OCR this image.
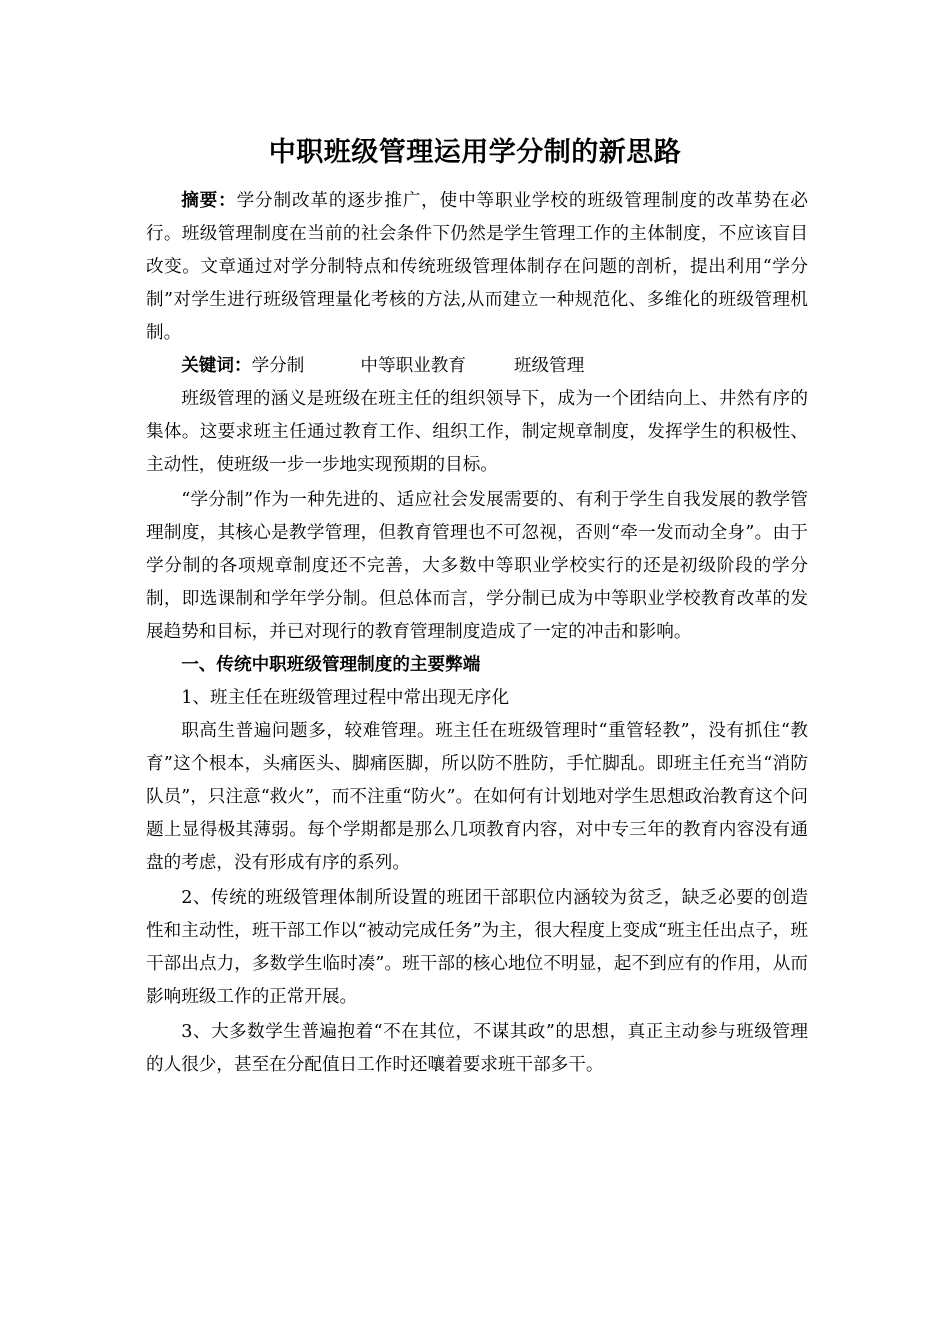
中职班级管理运用学分制的新思路

摘要：学分制改革的逐步推广，使中等职业学校的班级管理制度的改革势在必行。班级管理制度在当前的社会条件下仍然是学生管理工作的主体制度，不应该盲目改变。文章通过对学分制特点和传统班级管理体制存在问题的剖析，提出利用“学分制”对学生进行班级管理量化考核的方法,从而建立一种规范化、多维化的班级管理机制。

关键词：学分制	中等职业教育	班级管理

班级管理的涵义是班级在班主任的组织领导下，成为一个团结向上、井然有序的集体。这要求班主任通过教育工作、组织工作，制定规章制度，发挥学生的积极性、主动性，使班级一步一步地实现预期的目标。

“学分制”作为一种先进的、适应社会发展需要的、有利于学生自我发展的教学管理制度，其核心是教学管理，但教育管理也不可忽视，否则“牵一发而动全身”。由于学分制的各项规章制度还不完善，大多数中等职业学校实行的还是初级阶段的学分制，即选课制和学年学分制。但总体而言，学分制已成为中等职业学校教育改革的发展趋势和目标，并已对现行的教育管理制度造成了一定的冲击和影响。

一、传统中职班级管理制度的主要弊端

1、班主任在班级管理过程中常出现无序化

职高生普遍问题多，较难管理。班主任在班级管理时“重管轻教”，没有抓住“教育”这个根本，头痛医头、脚痛医脚，所以防不胜防，手忙脚乱。即班主任充当“消防队员”，只注意“救火”，而不注重“防火”。在如何有计划地对学生思想政治教育这个问题上显得极其薄弱。每个学期都是那么几项教育内容，对中专三年的教育内容没有通盘的考虑，没有形成有序的系列。

2、传统的班级管理体制所设置的班团干部职位内涵较为贫乏，缺乏必要的创造性和主动性，班干部工作以“被动完成任务”为主，很大程度上变成“班主任出点子，班干部出点力，多数学生临时凑”。班干部的核心地位不明显，起不到应有的作用，从而影响班级工作的正常开展。

3、大多数学生普遍抱着“不在其位，不谋其政”的思想，真正主动参与班级管理的人很少，甚至在分配值日工作时还嚷着要求班干部多干。
